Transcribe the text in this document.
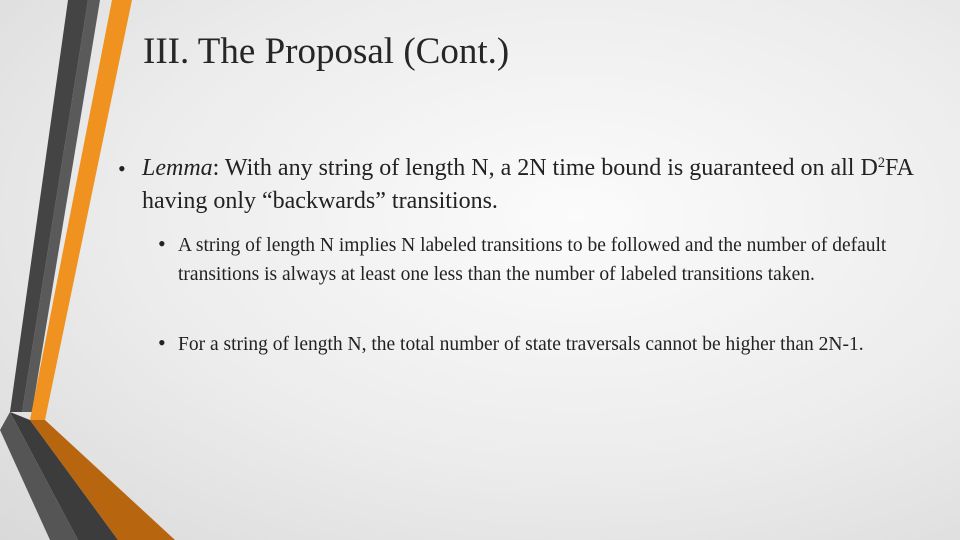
III. The Proposal (Cont.)
• Lemma: With any string of length N, a 2N time bound is guaranteed on all $D^2FA$ having only “backwards” transitions.
• A string of length N implies N labeled transitions to be followed and the number of default transitions is always at least one less than the number of labeled transitions taken.
• For a string of length N, the total number of state traversals cannot be higher than 2N-1.
